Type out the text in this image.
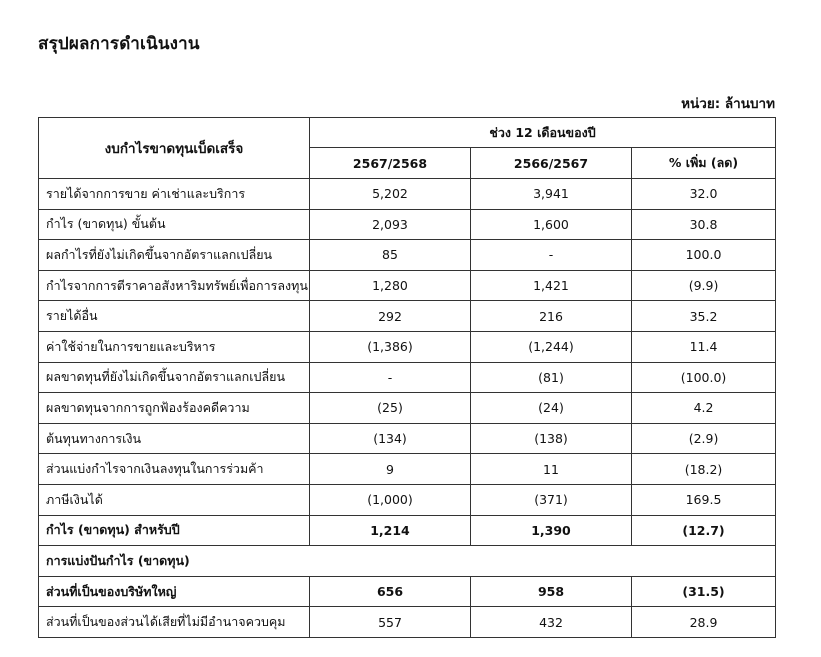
สรุปผลการดำเนินงาน
หน่วย: ล้านบาท
งบกำไรขาดทุนเบ็ดเสร็จ	ช่วง 12 เดือนของปี		
	2567/2568	2566/2567	% เพิ่ม (ลด)
รายได้จากการขาย ค่าเช่าและบริการ	5,202	3,941	32.0
กำไร (ขาดทุน) ขั้นต้น	2,093	1,600	30.8
ผลกำไรที่ยังไม่เกิดขึ้นจากอัตราแลกเปลี่ยน	85	-	100.0
กำไรจากการตีราคาอสังหาริมทรัพย์เพื่อการลงทุน	1,280	1,421	(9.9)
รายได้อื่น	292	216	35.2
ค่าใช้จ่ายในการขายและบริหาร	(1,386)	(1,244)	11.4
ผลขาดทุนที่ยังไม่เกิดขึ้นจากอัตราแลกเปลี่ยน	-	(81)	(100.0)
ผลขาดทุนจากการถูกฟ้องร้องคดีความ	(25)	(24)	4.2
ต้นทุนทางการเงิน	(134)	(138)	(2.9)
ส่วนแบ่งกำไรจากเงินลงทุนในการร่วมค้า	9	11	(18.2)
ภาษีเงินได้	(1,000)	(371)	169.5
กำไร (ขาดทุน) สำหรับปี	1,214	1,390	(12.7)
การแบ่งปันกำไร (ขาดทุน)			
ส่วนที่เป็นของบริษัทใหญ่	656	958	(31.5)
ส่วนที่เป็นของส่วนได้เสียที่ไม่มีอำนาจควบคุม	557	432	28.9
